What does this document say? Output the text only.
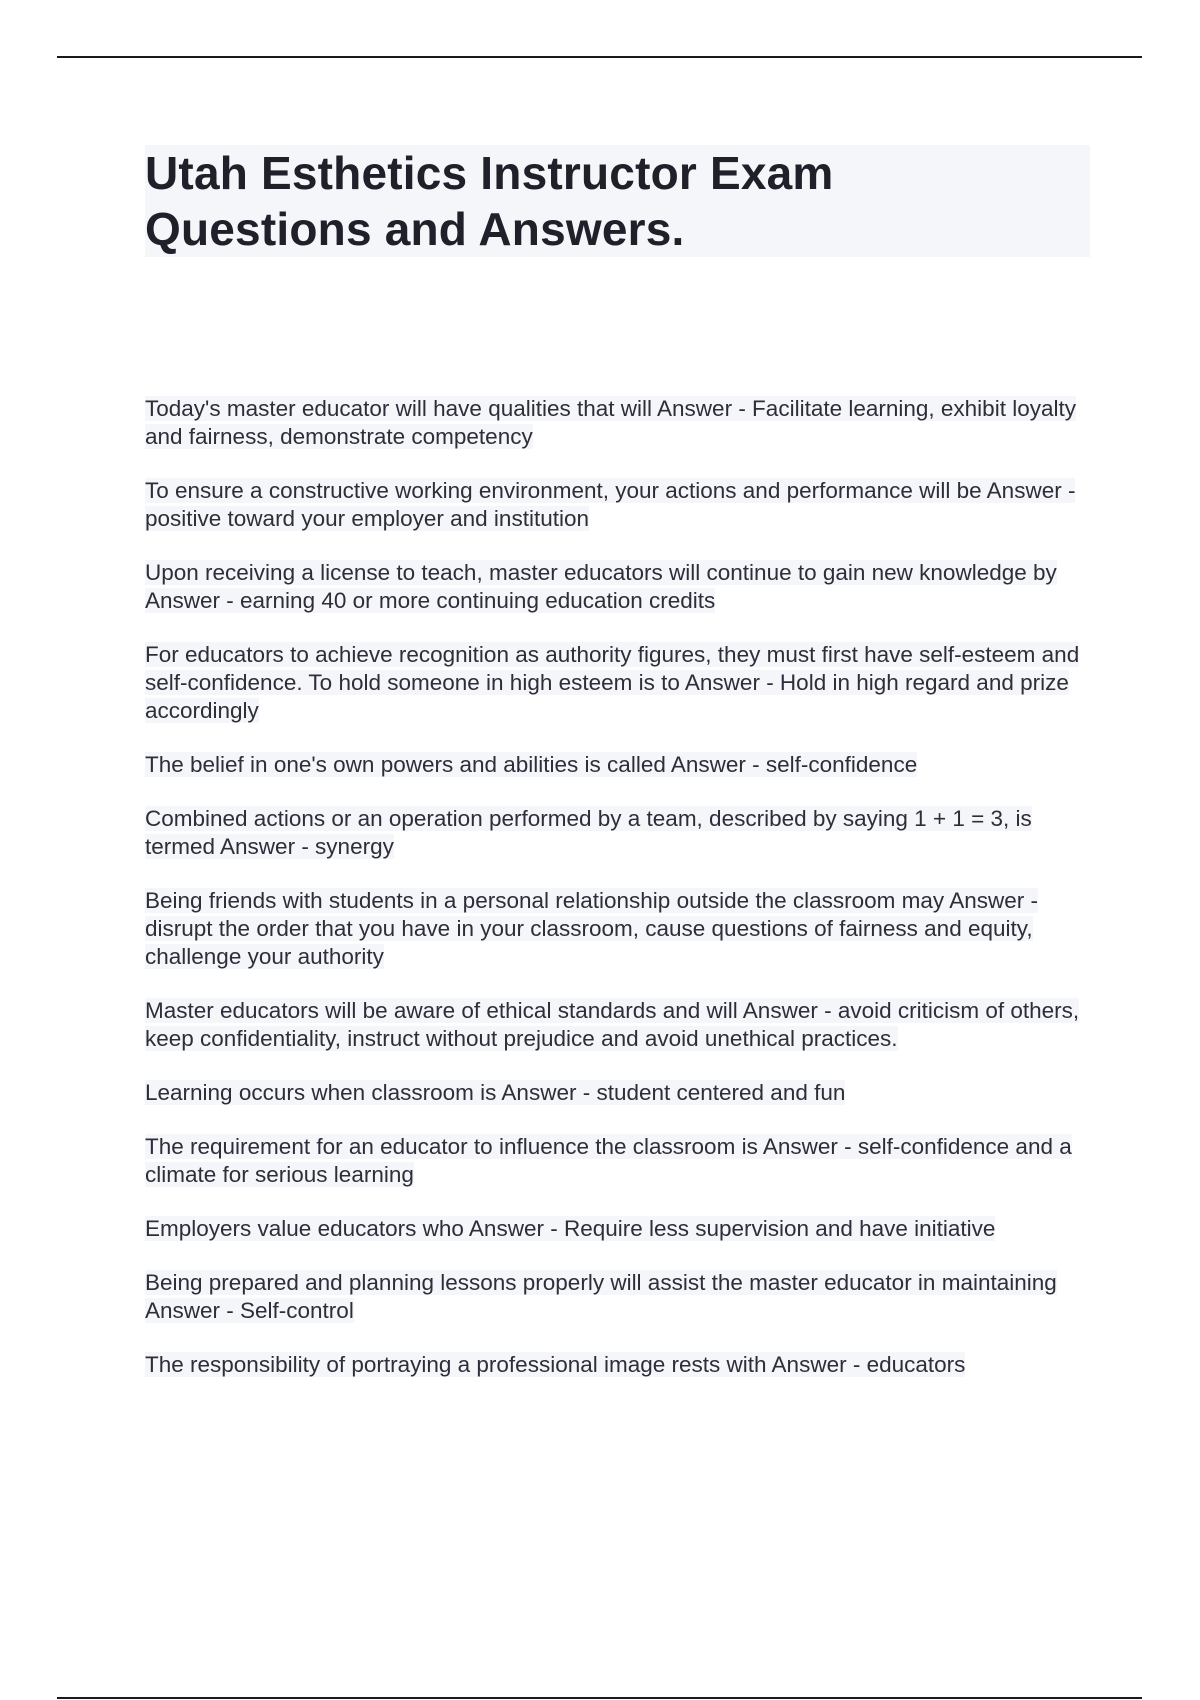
Utah Esthetics Instructor Exam
Questions and Answers.

Today's master educator will have qualities that will Answer - Facilitate learning, exhibit loyalty and fairness, demonstrate competency

To ensure a constructive working environment, your actions and performance will be Answer - positive toward your employer and institution

Upon receiving a license to teach, master educators will continue to gain new knowledge by Answer - earning 40 or more continuing education credits

For educators to achieve recognition as authority figures, they must first have self-esteem and self-confidence. To hold someone in high esteem is to Answer - Hold in high regard and prize accordingly

The belief in one's own powers and abilities is called Answer - self-confidence

Combined actions or an operation performed by a team, described by saying 1 + 1 = 3, is termed Answer - synergy

Being friends with students in a personal relationship outside the classroom may Answer - disrupt the order that you have in your classroom, cause questions of fairness and equity, challenge your authority

Master educators will be aware of ethical standards and will Answer - avoid criticism of others, keep confidentiality, instruct without prejudice and avoid unethical practices.

Learning occurs when classroom is Answer - student centered and fun

The requirement for an educator to influence the classroom is Answer - self-confidence and a climate for serious learning

Employers value educators who Answer - Require less supervision and have initiative

Being prepared and planning lessons properly will assist the master educator in maintaining Answer - Self-control

The responsibility of portraying a professional image rests with Answer - educators
